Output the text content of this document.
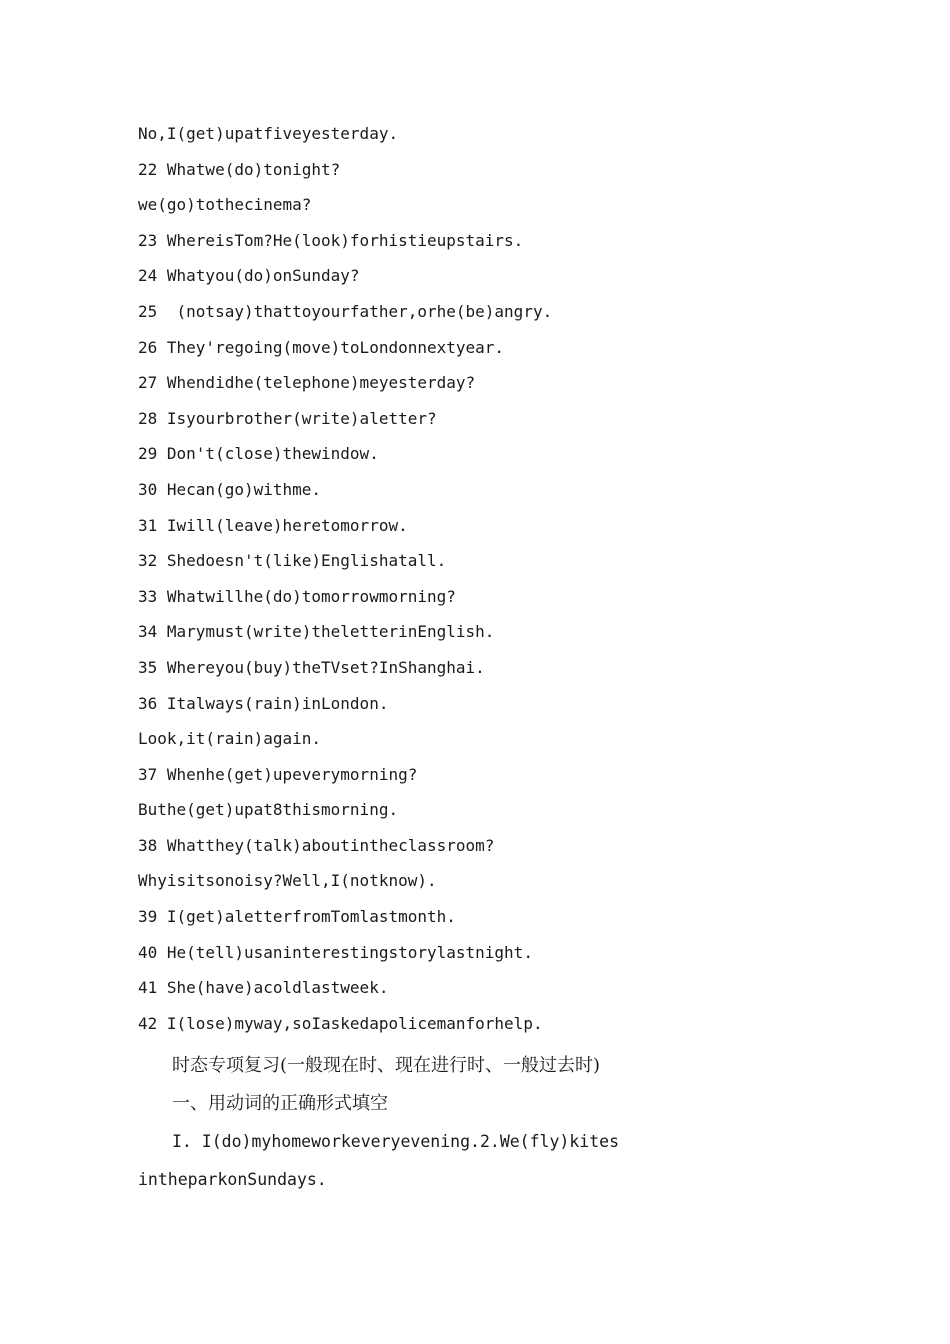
No,I(get)upatfiveyesterday.
22 Whatwe(do)tonight?
we(go)tothecinema?
23 WhereisTom?He(look)forhistieupstairs.
24 Whatyou(do)onSunday?
25  (notsay)thattoyourfather,orhe(be)angry.
26 They'regoing(move)toLondonnextyear.
27 Whendidhe(telephone)meyesterday?
28 Isyourbrother(write)aletter?
29 Don't(close)thewindow.
30 Hecan(go)withme.
31 Iwill(leave)heretomorrow.
32 Shedoesn't(like)Englishatall.
33 Whatwillhe(do)tomorrowmorning?
34 Marymust(write)theletterinEnglish.
35 Whereyou(buy)theTVset?InShanghai.
36 Italways(rain)inLondon.
Look,it(rain)again.
37 Whenhe(get)upeverymorning?
Buthe(get)upat8thismorning.
38 Whatthey(talk)aboutintheclassroom?
Whyisitsonoisy?Well,I(notknow).
39 I(get)aletterfromTomlastmonth.
40 He(tell)usaninterestingstorylastnight.
41 She(have)acoldlastweek.
42 I(lose)myway,soIaskedapolicemanforhelp.
时态专项复习(一般现在时、现在进行时、一般过去时)
一、用动词的正确形式填空
I. I(do)myhomeworkeveryevening.2.We(fly)kites
intheparkonSundays.
